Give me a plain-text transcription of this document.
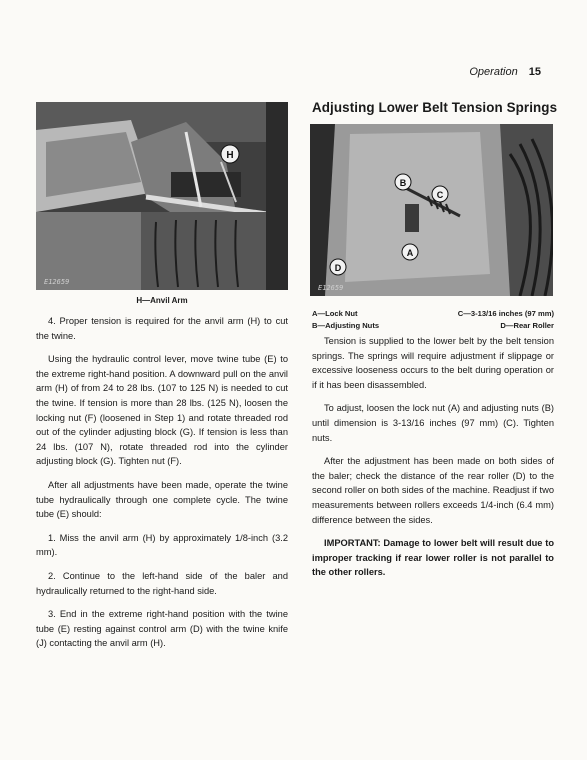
Operation 15
H
E12659
H—Anvil Arm
Adjusting Lower Belt Tension Springs
B
C
A
D
E12659
A—Lock Nut	C—3-13/16 inches (97 mm)
B—Adjusting Nuts	D—Rear Roller

Tension is supplied to the lower belt by the belt tension springs. The springs will require adjustment if slippage or excessive looseness occurs to the belt during operation or if it has been disassembled.

To adjust, loosen the lock nut (A) and adjusting nuts (B) until dimension is 3-13/16 inches (97 mm) (C). Tighten nuts.

After the adjustment has been made on both sides of the baler; check the distance of the rear roller (D) to the second roller on both sides of the machine. Readjust if two measurements between rollers exceeds 1/4-inch (6.4 mm) difference between the sides.

IMPORTANT: Damage to lower belt will result due to improper tracking if rear lower roller is not parallel to the other rollers.

4. Proper tension is required for the anvil arm (H) to cut the twine.

Using the hydraulic control lever, move twine tube (E) to the extreme right-hand position. A downward pull on the anvil arm (H) of from 24 to 28 lbs. (107 to 125 N) is needed to cut the twine. If tension is more than 28 lbs. (125 N), loosen the locking nut (F) (loosened in Step 1) and rotate threaded rod out of the cylinder adjusting block (G). If tension is less than 24 lbs. (107 N), rotate threaded rod into the cylinder adjusting block (G). Tighten nut (F).

After all adjustments have been made, operate the twine tube hydraulically through one complete cycle. The twine tube (E) should:

1. Miss the anvil arm (H) by approximately 1/8-inch (3.2 mm).

2. Continue to the left-hand side of the baler and hydraulically returned to the right-hand side.

3. End in the extreme right-hand position with the twine tube (E) resting against control arm (D) with the twine knife (J) contacting the anvil arm (H).
